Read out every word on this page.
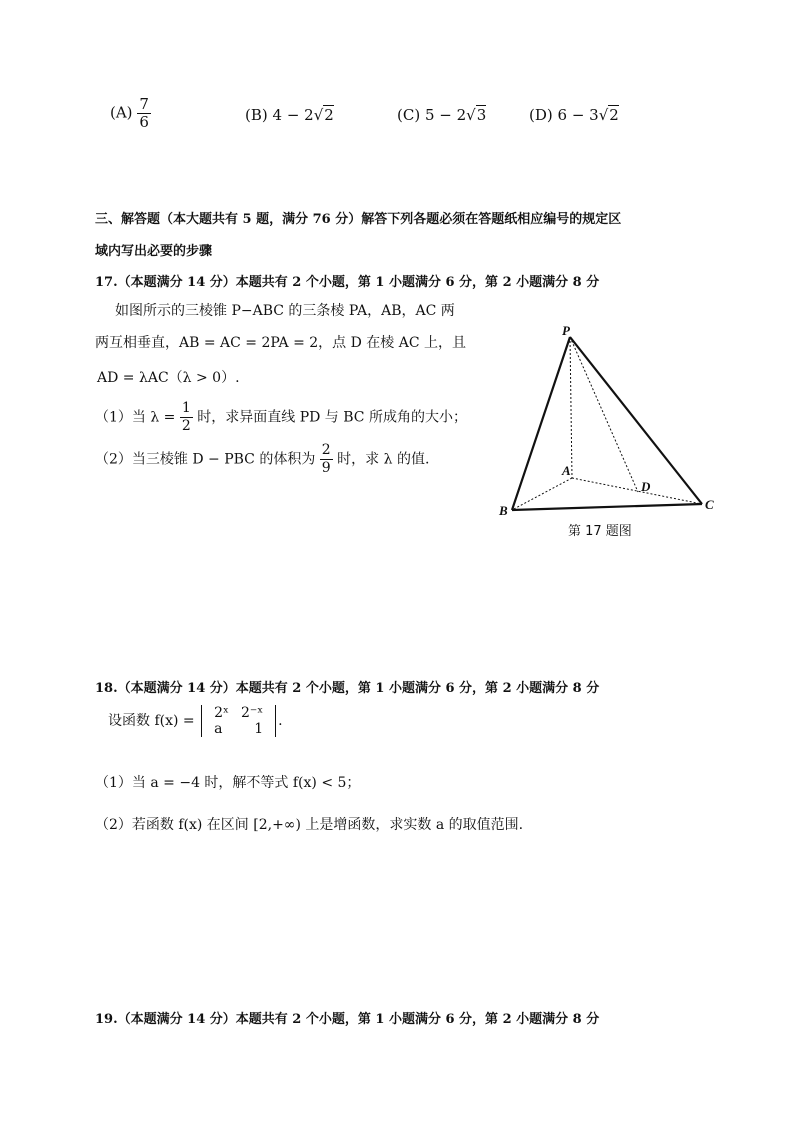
$(A) \frac{7}{6}$	(B) 4 − 2√2	(C) 5 − 2√3	(D) 6 − 3√2
三、解答题（本大题共有 5 题，满分 76 分）解答下列各题必须在答题纸相应编号的规定区
域内写出必要的步骤
17.（本题满分 14 分）本题共有 2 个小题，第 1 小题满分 6 分，第 2 小题满分 8 分
如图所示的三棱锥 P−ABC 的三条棱 PA，AB，AC 两
两互相垂直，AB = AC = 2PA = 2，点 D 在棱 AC 上，且
AD = λAC（λ > 0）.
（1）当 $\lambda = \frac{1}{2}$ 时，求异面直线 PD 与 BC 所成角的大小；
（2）当三棱锥 D − PBC 的体积为 $\frac{2}{9}$ 时，求 λ 的值.
P
A
B	C
D
第 17 题图
18.（本题满分 14 分）本题共有 2 个小题，第 1 小题满分 6 分，第 2 小题满分 8 分
设函数 f(x) = 2ˣ	2⁻ˣ
a	1 .
（1）当 a = −4 时，解不等式 f(x) < 5；
（2）若函数 f(x) 在区间 [2,+∞) 上是增函数，求实数 a 的取值范围.
19.（本题满分 14 分）本题共有 2 个小题，第 1 小题满分 6 分，第 2 小题满分 8 分
